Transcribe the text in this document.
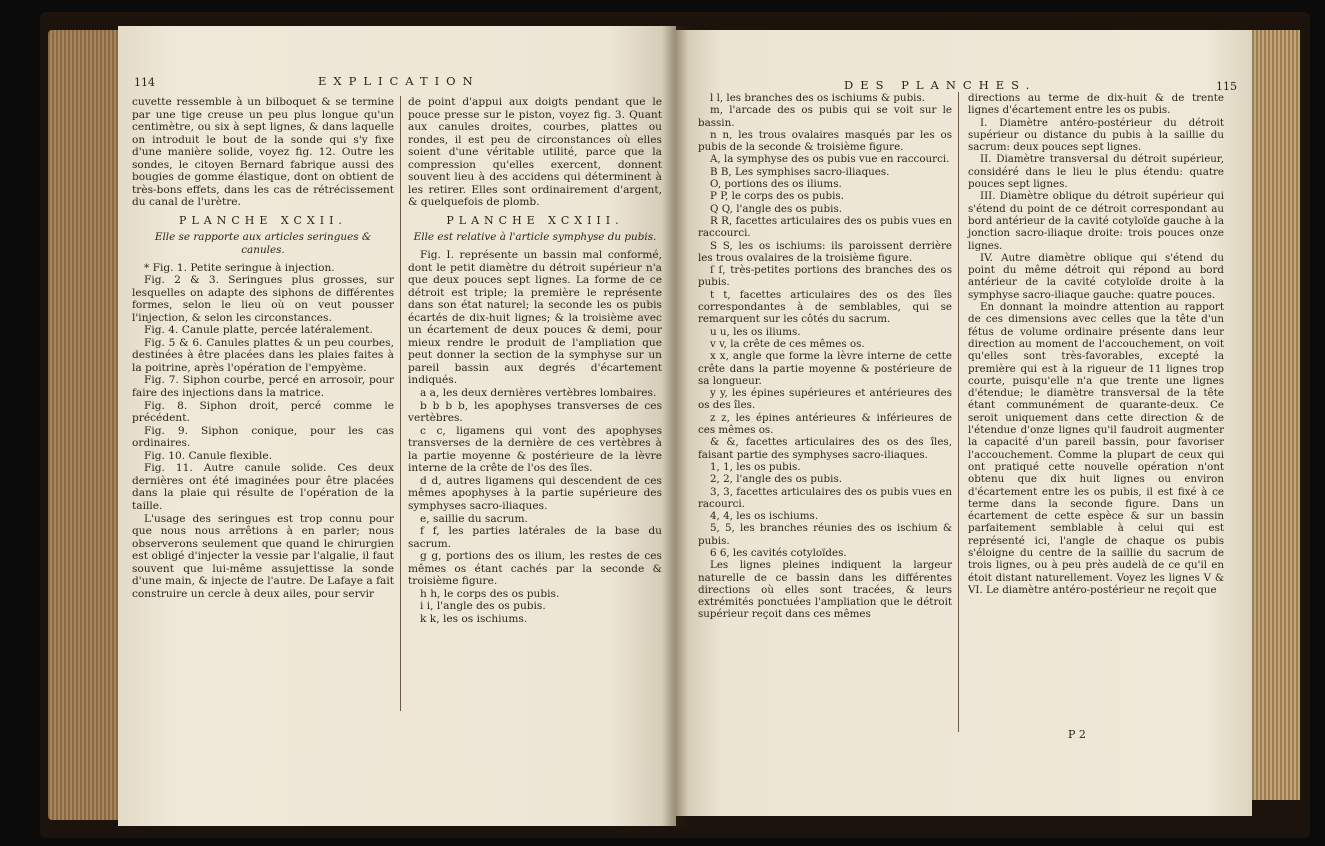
114	EXPLICATION

cuvette ressemble à un bilboquet & se termine par une tige creuse un peu plus longue qu'un centimètre, ou six à sept lignes, & dans laquelle on introduit le bout de la sonde qui s'y fixe d'une manière solide, voyez fig. 12. Outre les sondes, le citoyen Bernard fabrique aussi des bougies de gomme élastique, dont on obtient de très-bons effets, dans les cas de rétrécissement du canal de l'urètre.

PLANCHE XCXII.

Elle se rapporte aux articles seringues & canules.

* Fig. 1. Petite seringue à injection.

Fig. 2 & 3. Seringues plus grosses, sur lesquelles on adapte des siphons de différentes formes, selon le lieu où on veut pousser l'injection, & selon les circonstances.

Fig. 4. Canule platte, percée latéralement.

Fig. 5 & 6. Canules plattes & un peu courbes, destinées à être placées dans les plaies faites à la poitrine, après l'opération de l'empyème.

Fig. 7. Siphon courbe, percé en arrosoir, pour faire des injections dans la matrice.

Fig. 8. Siphon droit, percé comme le précédent.

Fig. 9. Siphon conique, pour les cas ordinaires.

Fig. 10. Canule flexible.

Fig. 11. Autre canule solide. Ces deux dernières ont été imaginées pour être placées dans la plaie qui résulte de l'opération de la taille.

L'usage des seringues est trop connu pour que nous nous arrêtions à en parler; nous observerons seulement que quand le chirurgien est obligé d'injecter la vessie par l'algalie, il faut souvent que lui-même assujettisse la sonde d'une main, & injecte de l'autre. De Lafaye a fait construire un cercle à deux ailes, pour servir

de point d'appui aux doigts pendant que le pouce presse sur le piston, voyez fig. 3. Quant aux canules droites, courbes, plattes ou rondes, il est peu de circonstances où elles soient d'une véritable utilité, parce que la compression qu'elles exercent, donnent souvent lieu à des accidens qui déterminent à les retirer. Elles sont ordinairement d'argent, & quelquefois de plomb.

PLANCHE XCXIII.

Elle est relative à l'article symphyse du pubis.

Fig. I. représente un bassin mal conformé, dont le petit diamètre du détroit supérieur n'a que deux pouces sept lignes. La forme de ce détroit est triple; la première le représente dans son état naturel; la seconde les os pubis écartés de dix-huit lignes; & la troisième avec un écartement de deux pouces & demi, pour mieux rendre le produit de l'ampliation que peut donner la section de la symphyse sur un pareil bassin aux degrés d'écartement indiqués.

a a, les deux dernières vertèbres lombaires.

b b b b, les apophyses transverses de ces vertèbres.

c c, ligamens qui vont des apophyses transverses de la dernière de ces vertèbres à la partie moyenne & postérieure de la lèvre interne de la crête de l'os des îles.

d d, autres ligamens qui descendent de ces mêmes apophyses à la partie supérieure des symphyses sacro-iliaques.

e, saillie du sacrum.

f f, les parties latérales de la base du sacrum.

g g, portions des os ilium, les restes de ces mêmes os étant cachés par la seconde & troisième figure.

h h, le corps des os pubis.

i i, l'angle des os pubis.

k k, les os ischiums.

DES PLANCHES.	115

l l, les branches des os ischiums & pubis.

m, l'arcade des os pubis qui se voit sur le bassin.

n n, les trous ovalaires masqués par les os pubis de la seconde & troisième figure.

A, la symphyse des os pubis vue en raccourci.

B B, Les symphises sacro-iliaques.

O, portions des os iliums.

P P, le corps des os pubis.

Q Q, l'angle des os pubis.

R R, facettes articulaires des os pubis vues en raccourci.

S S, les os ischiums: ils paroissent derrière les trous ovalaires de la troisième figure.

ſ ſ, très-petites portions des branches des os pubis.

t t, facettes articulaires des os des îles correspondantes à de semblables, qui se remarquent sur les côtés du sacrum.

u u, les os iliums.

v v, la crête de ces mêmes os.

x x, angle que forme la lèvre interne de cette crête dans la partie moyenne & postérieure de sa longueur.

y y, les épines supérieures et antérieures des os des îles.

z z, les épines antérieures & inférieures de ces mêmes os.

& &, facettes articulaires des os des îles, faisant partie des symphyses sacro-iliaques.

1, 1, les os pubis.

2, 2, l'angle des os pubis.

3, 3, facettes articulaires des os pubis vues en racourci.

4, 4, les os ischiums.

5, 5, les branches réunies des os ischium & pubis.

6 6, les cavités cotyloïdes.

Les lignes pleines indiquent la largeur naturelle de ce bassin dans les différentes directions où elles sont tracées, & leurs extrémités ponctuées l'ampliation que le détroit supérieur reçoit dans ces mêmes

directions au terme de dix-huit & de trente lignes d'écartement entre les os pubis.

I. Diamètre antéro-postérieur du détroit supérieur ou distance du pubis à la saillie du sacrum: deux pouces sept lignes.

II. Diamètre transversal du détroit supérieur, considéré dans le lieu le plus étendu: quatre pouces sept lignes.

III. Diamètre oblique du détroit supérieur qui s'étend du point de ce détroit correspondant au bord antérieur de la cavité cotyloïde gauche à la jonction sacro-iliaque droite: trois pouces onze lignes.

IV. Autre diamètre oblique qui s'étend du point du même détroit qui répond au bord antérieur de la cavité cotyloïde droite à la symphyse sacro-iliaque gauche: quatre pouces.

En donnant la moindre attention au rapport de ces dimensions avec celles que la tête d'un fétus de volume ordinaire présente dans leur direction au moment de l'accouchement, on voit qu'elles sont très-favorables, excepté la première qui est à la rigueur de 11 lignes trop courte, puisqu'elle n'a que trente une lignes d'étendue; le diamètre transversal de la tête étant communément de quarante-deux. Ce seroit uniquement dans cette direction & de l'étendue d'onze lignes qu'il faudroit augmenter la capacité d'un pareil bassin, pour favoriser l'accouchement. Comme la plupart de ceux qui ont pratiqué cette nouvelle opération n'ont obtenu que dix huit lignes ou environ d'écartement entre les os pubis, il est fixé à ce terme dans la seconde figure. Dans un écartement de cette espèce & sur un bassin parfaitement semblable à celui qui est représenté ici, l'angle de chaque os pubis s'éloigne du centre de la saillie du sacrum de trois lignes, ou à peu près audelà de ce qu'il en étoit distant naturellement. Voyez les lignes V & VI. Le diamètre antéro-postérieur ne reçoit que

P 2
